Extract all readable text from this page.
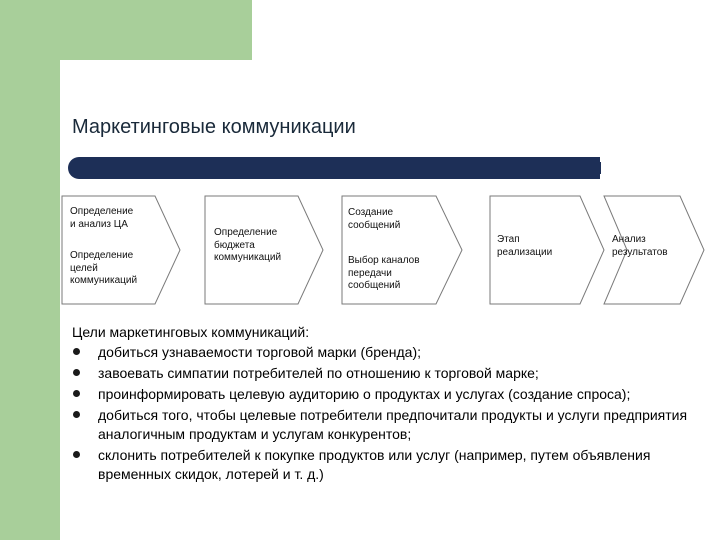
Маркетинговые коммуникации
Определение
и анализ ЦА
Определение
целей
коммуникаций
Определение
бюджета
коммуникаций
Создание
сообщений
Выбор каналов
передачи
сообщений
Этап
реализации
Анализ
результатов
Цели маркетинговых коммуникаций:
добиться узнаваемости торговой марки (бренда);
завоевать симпатии потребителей по отношению к торговой марке;
проинформировать целевую аудиторию о продуктах и услугах (создание спроса);
добиться того, чтобы целевые потребители предпочитали продукты и услуги предприятия аналогичным продуктам и услугам конкурентов;
склонить потребителей к покупке продуктов или услуг (например, путем объявления временных скидок, лотерей и т. д.)
